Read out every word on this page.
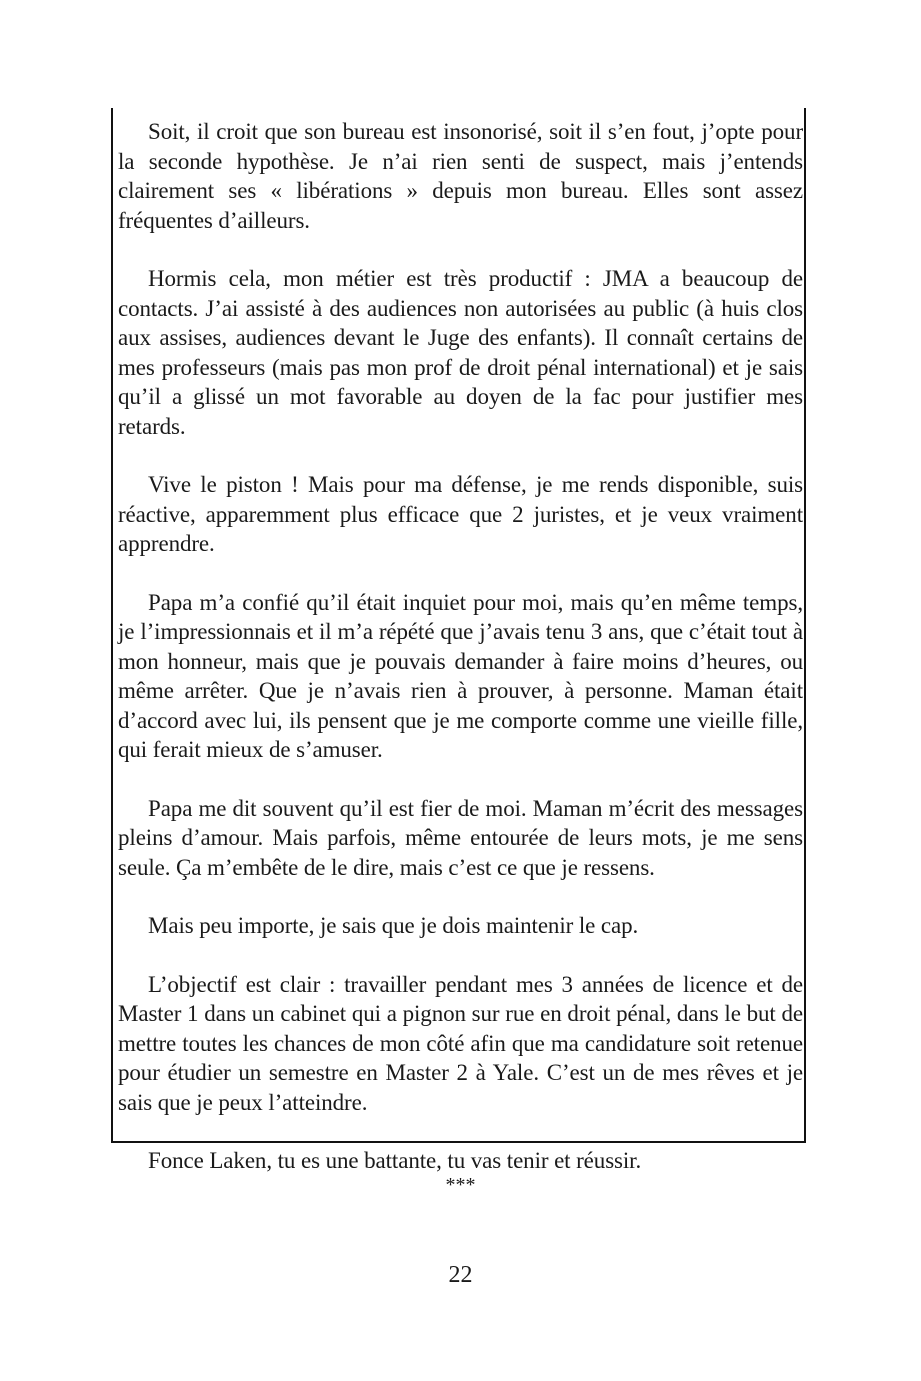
Soit, il croit que son bureau est insonorisé, soit il s’en fout, j’opte pour la seconde hypothèse. Je n’ai rien senti de suspect, mais j’entends clairement ses « libérations » depuis mon bureau. Elles sont assez fréquentes d’ailleurs.

Hormis cela, mon métier est très productif : JMA a beaucoup de contacts. J’ai assisté à des audiences non autorisées au public (à huis clos aux assises, audiences devant le Juge des enfants). Il connaît certains de mes professeurs (mais pas mon prof de droit pénal international) et je sais qu’il a glissé un mot favorable au doyen de la fac pour justifier mes retards.

Vive le piston ! Mais pour ma défense, je me rends disponible, suis réactive, apparemment plus efficace que 2 juristes, et je veux vraiment apprendre.

Papa m’a confié qu’il était inquiet pour moi, mais qu’en même temps, je l’impressionnais et il m’a répété que j’avais tenu 3 ans, que c’était tout à mon honneur, mais que je pouvais demander à faire moins d’heures, ou même arrêter. Que je n’avais rien à prouver, à personne. Maman était d’accord avec lui, ils pensent que je me comporte comme une vieille fille, qui ferait mieux de s’amuser.

Papa me dit souvent qu’il est fier de moi. Maman m’écrit des messages pleins d’amour. Mais parfois, même entourée de leurs mots, je me sens seule. Ça m’embête de le dire, mais c’est ce que je ressens.

Mais peu importe, je sais que je dois maintenir le cap.

L’objectif est clair : travailler pendant mes 3 années de licence et de Master 1 dans un cabinet qui a pignon sur rue en droit pénal, dans le but de mettre toutes les chances de mon côté afin que ma candidature soit retenue pour étudier un semestre en Master 2 à Yale. C’est un de mes rêves et je sais que je peux l’atteindre.

Fonce Laken, tu es une battante, tu vas tenir et réussir.

***
22
